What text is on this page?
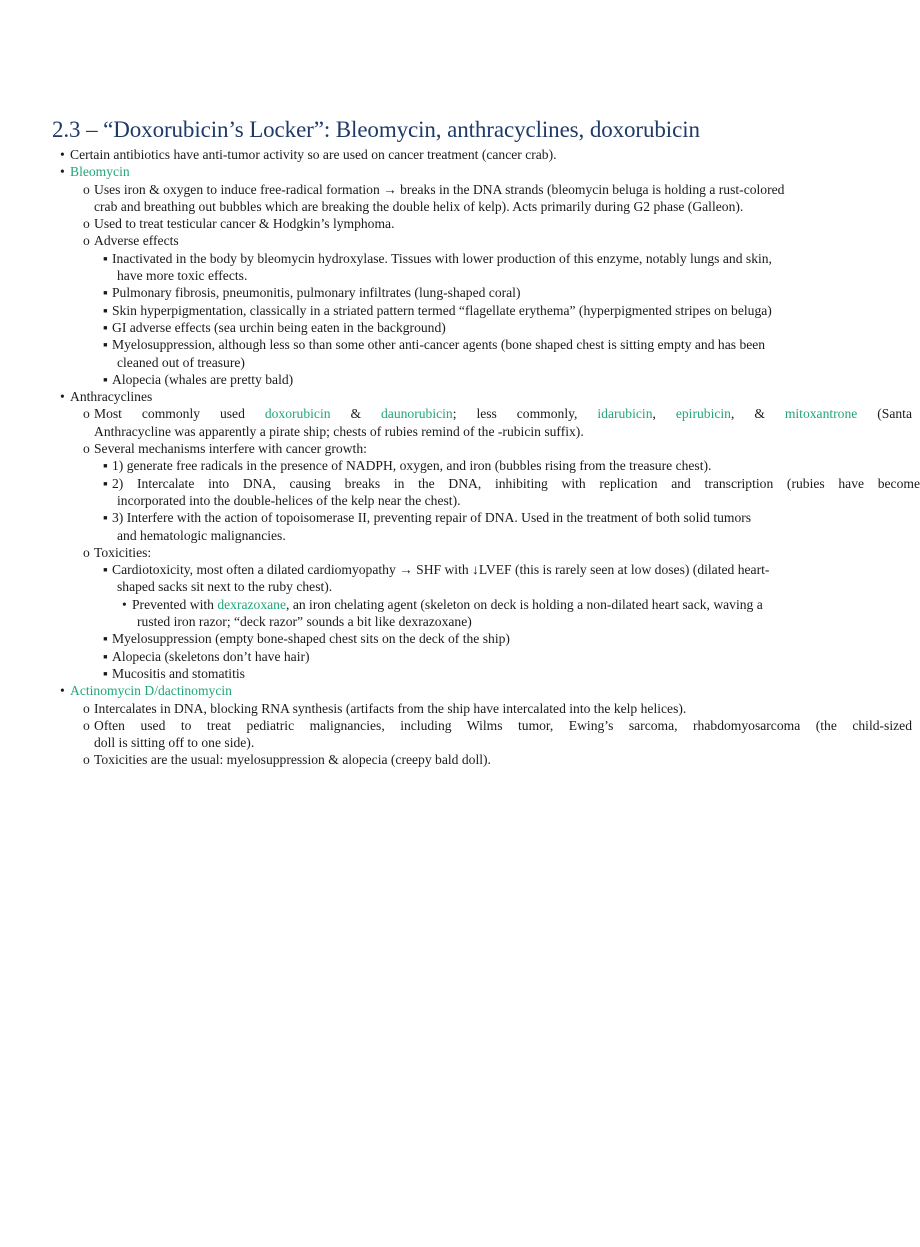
2.3 – “Doxorubicin’s Locker”: Bleomycin, anthracyclines, doxorubicin
• Certain antibiotics have anti-tumor activity so are used on cancer treatment (cancer crab).
• Bleomycin
o Uses iron & oxygen to induce free-radical formation → breaks in the DNA strands (bleomycin beluga is holding a rust-colored
crab and breathing out bubbles which are breaking the double helix of kelp). Acts primarily during G2 phase (Galleon).
o Used to treat testicular cancer & Hodgkin’s lymphoma.
o Adverse effects
▪ Inactivated in the body by bleomycin hydroxylase. Tissues with lower production of this enzyme, notably lungs and skin,
have more toxic effects.
▪ Pulmonary fibrosis, pneumonitis, pulmonary infiltrates (lung-shaped coral)
▪ Skin hyperpigmentation, classically in a striated pattern termed “flagellate erythema” (hyperpigmented stripes on beluga)
▪ GI adverse effects (sea urchin being eaten in the background)
▪ Myelosuppression, although less so than some other anti-cancer agents (bone shaped chest is sitting empty and has been
cleaned out of treasure)
▪ Alopecia (whales are pretty bald)
• Anthracyclines
o Most commonly used doxorubicin & daunorubicin; less commonly, idarubicin, epirubicin, & mitoxantrone (Santa
Anthracycline was apparently a pirate ship; chests of rubies remind of the -rubicin suffix).
o Several mechanisms interfere with cancer growth:
▪ 1) generate free radicals in the presence of NADPH, oxygen, and iron (bubbles rising from the treasure chest).
▪ 2) Intercalate into DNA, causing breaks in the DNA, inhibiting with replication and transcription (rubies have become
incorporated into the double-helices of the kelp near the chest).
▪ 3) Interfere with the action of topoisomerase II, preventing repair of DNA. Used in the treatment of both solid tumors
and hematologic malignancies.
o Toxicities:
▪ Cardiotoxicity, most often a dilated cardiomyopathy → SHF with ↓LVEF (this is rarely seen at low doses) (dilated heart-
shaped sacks sit next to the ruby chest).
• Prevented with dexrazoxane, an iron chelating agent (skeleton on deck is holding a non-dilated heart sack, waving a
rusted iron razor; “deck razor” sounds a bit like dexrazoxane)
▪ Myelosuppression (empty bone-shaped chest sits on the deck of the ship)
▪ Alopecia (skeletons don’t have hair)
▪ Mucositis and stomatitis
• Actinomycin D/dactinomycin
o Intercalates in DNA, blocking RNA synthesis (artifacts from the ship have intercalated into the kelp helices).
o Often used to treat pediatric malignancies, including Wilms tumor, Ewing’s sarcoma, rhabdomyosarcoma (the child-sized
doll is sitting off to one side).
o Toxicities are the usual: myelosuppression & alopecia (creepy bald doll).
